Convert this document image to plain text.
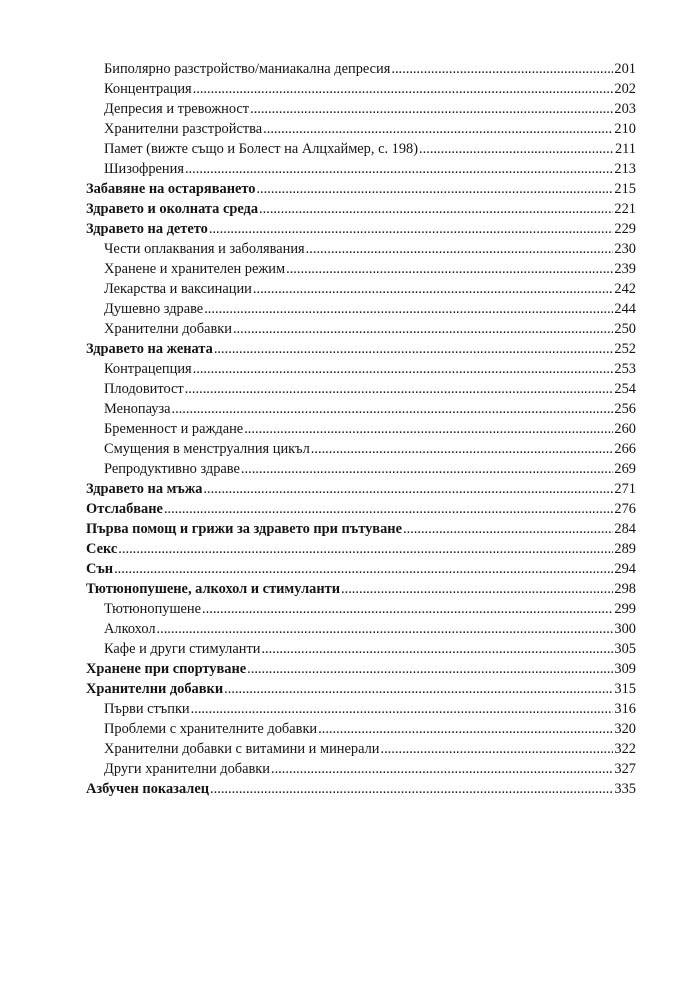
Биполярно разстройство/маниакална депресия .....	201
Концентрация .....	202
Депресия и тревожност .....	203
Хранителни разстройства .....	210
Памет (вижте също и Болест на Алцхаймер, с. 198) .....	211
Шизофрения .....	213
Забавяне на остаряването .....	215
Здравето и околната среда .....	221
Здравето на детето .....	229
Чести оплаквания и заболявания .....	230
Хранене и хранителен режим .....	239
Лекарства и ваксинации .....	242
Душевно здраве .....	244
Хранителни добавки .....	250
Здравето на жената .....	252
Контрацепция .....	253
Плодовитост .....	254
Менопауза .....	256
Бременност и раждане .....	260
Смущения в менструалния цикъл .....	266
Репродуктивно здраве .....	269
Здравето на мъжа .....	271
Отслабване .....	276
Първа помощ и грижи за здравето при пътуване .....	284
Секс .....	289
Сън .....	294
Тютюнопушене, алкохол и стимуланти .....	298
Тютюнопушене .....	299
Алкохол .....	300
Кафе и други стимуланти .....	305
Хранене при спортуване .....	309
Хранителни добавки .....	315
Първи стъпки .....	316
Проблеми с хранителните добавки .....	320
Хранителни добавки с витамини и минерали .....	322
Други хранителни добавки .....	327
Азбучен показалец .....	335
